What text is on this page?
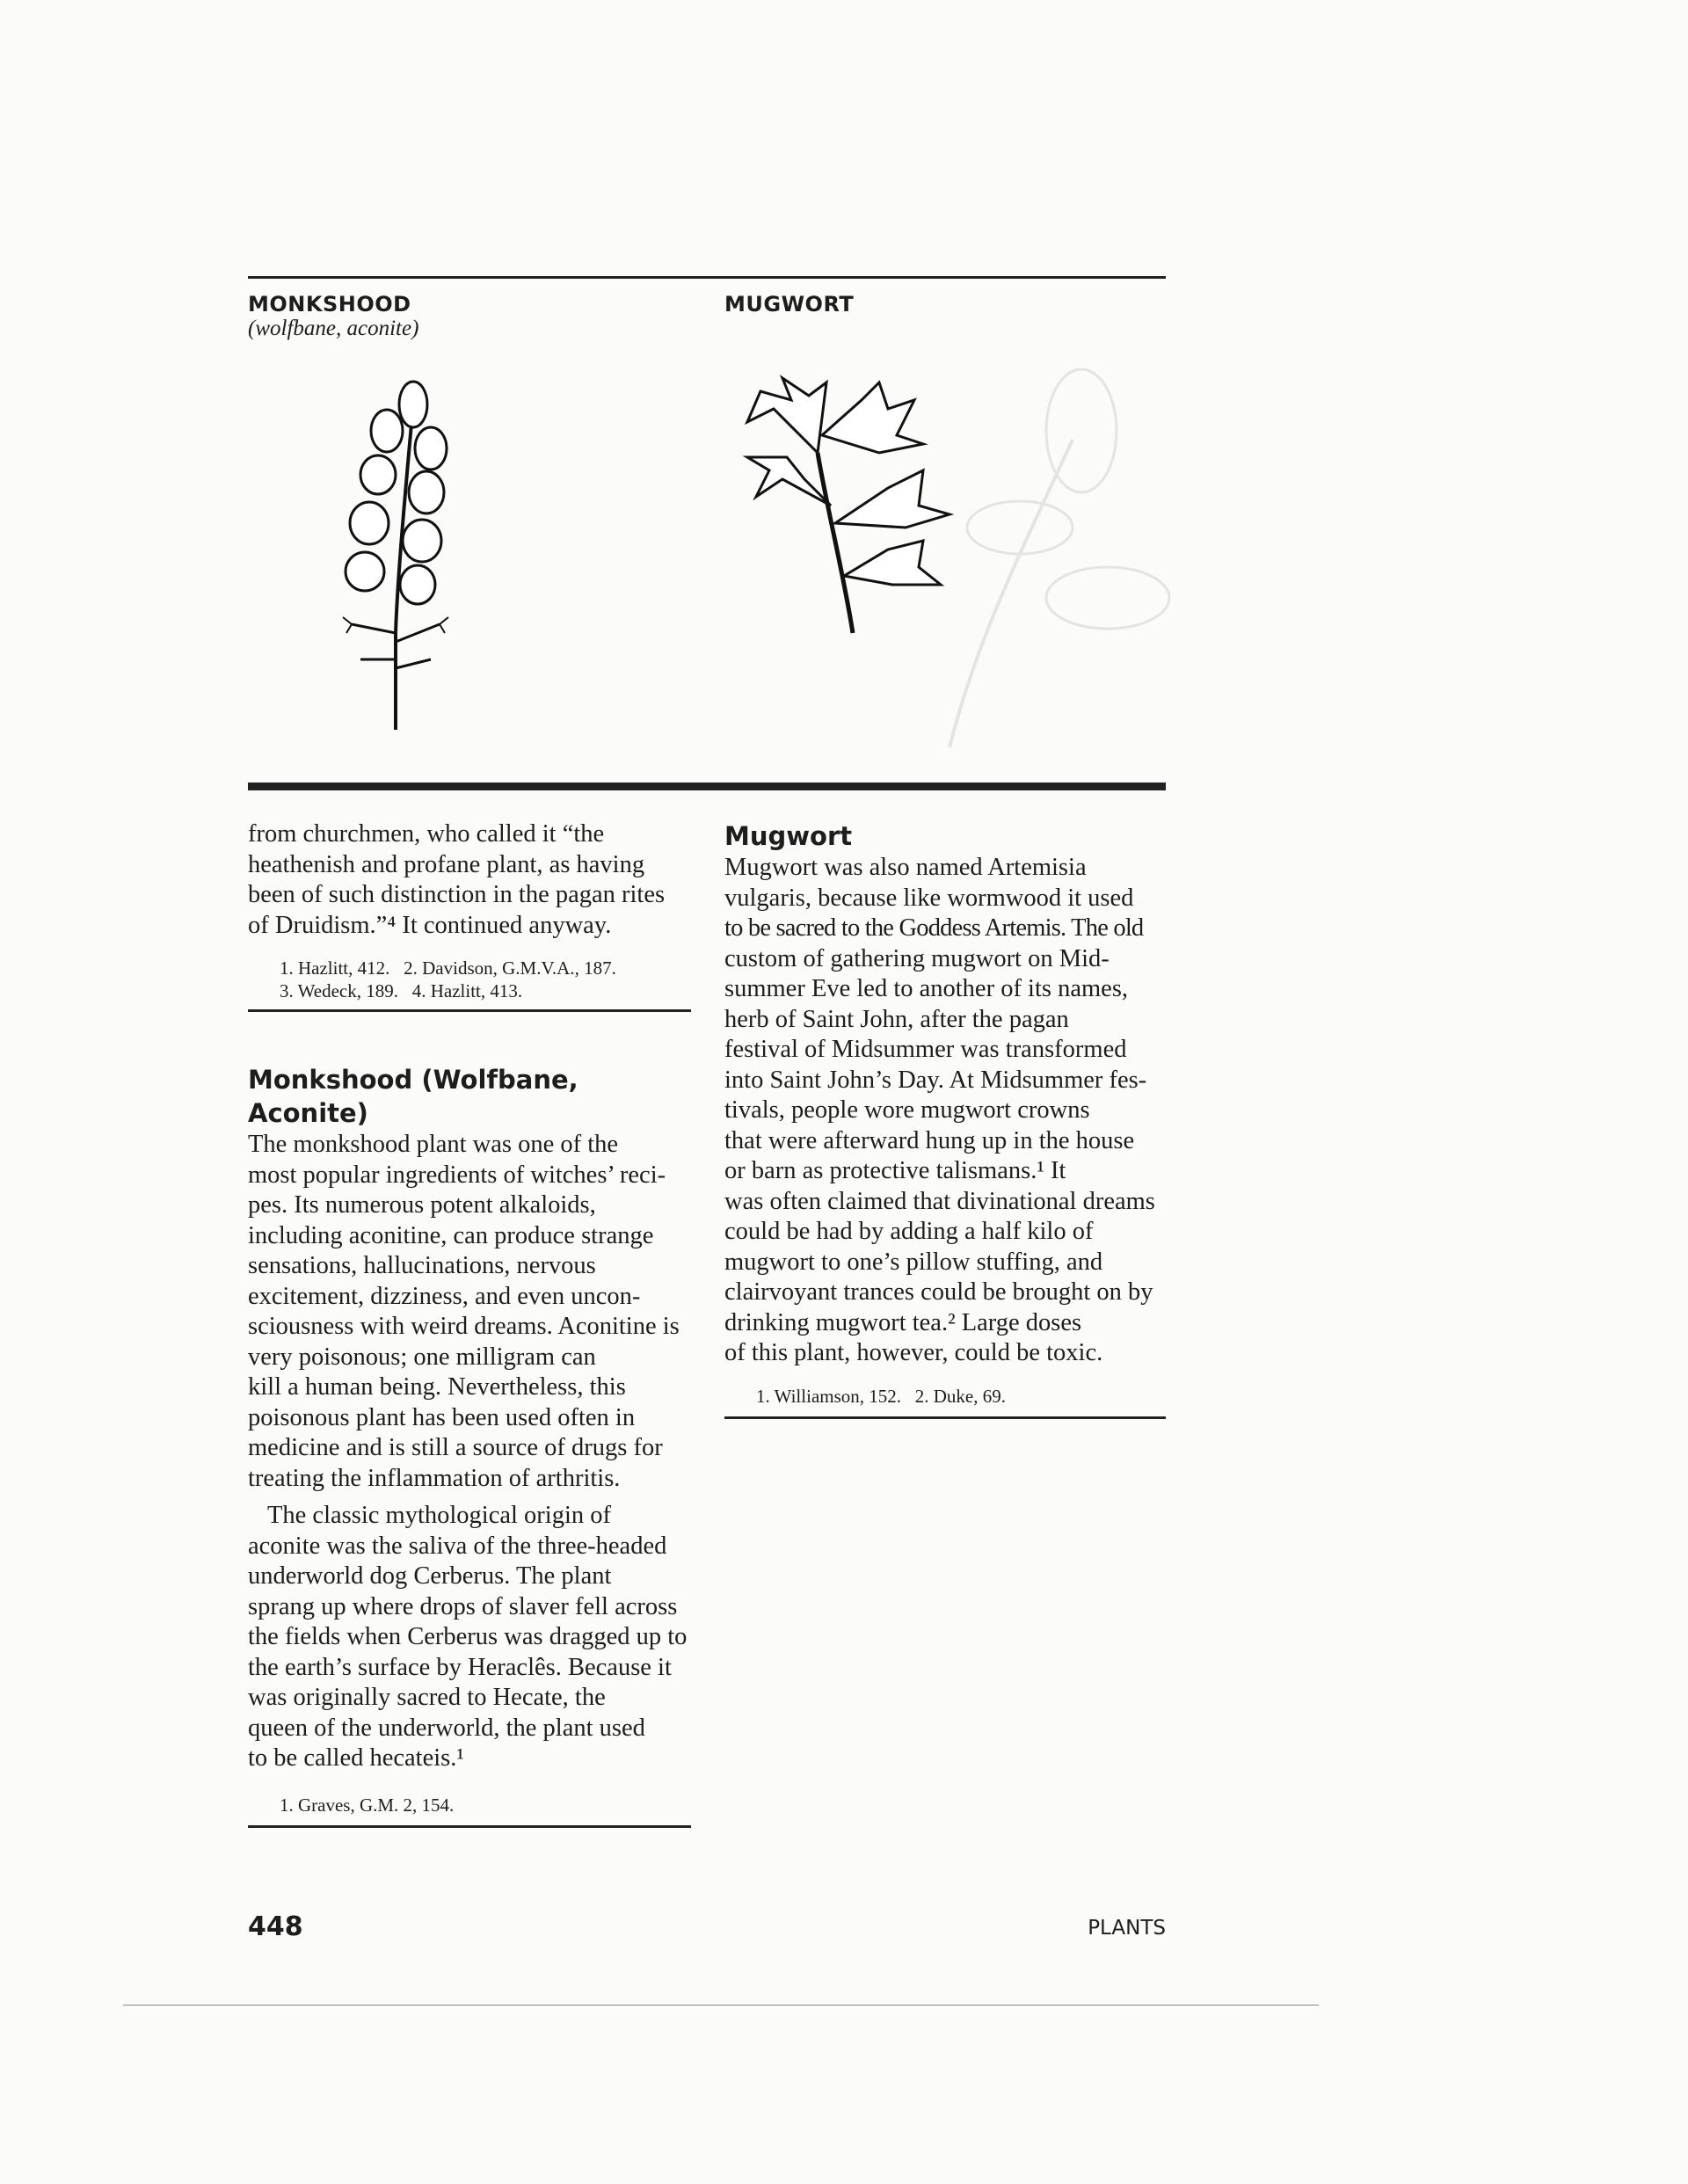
MONKSHOOD
(wolfbane, aconite)
MUGWORT
from churchmen, who called it “the
heathenish and profane plant, as having
been of such distinction in the pagan rites
of Druidism.”⁴ It continued anyway.
1. Hazlitt, 412.   2. Davidson, G.M.V.A., 187.
3. Wedeck, 189.   4. Hazlitt, 413.
Monkshood (Wolfbane, Aconite)
The monkshood plant was one of the
most popular ingredients of witches’ reci-
pes. Its numerous potent alkaloids,
including aconitine, can produce strange
sensations, hallucinations, nervous
excitement, dizziness, and even uncon-
sciousness with weird dreams. Aconitine is
very poisonous; one milligram can
kill a human being. Nevertheless, this
poisonous plant has been used often in
medicine and is still a source of drugs for
treating the inflammation of arthritis.
The classic mythological origin of
aconite was the saliva of the three-headed
underworld dog Cerberus. The plant
sprang up where drops of slaver fell across
the fields when Cerberus was dragged up to
the earth’s surface by Heraclês. Because it
was originally sacred to Hecate, the
queen of the underworld, the plant used
to be called hecateis.¹
1. Graves, G.M. 2, 154.
Mugwort
Mugwort was also named Artemisia
vulgaris, because like wormwood it used
to be sacred to the Goddess Artemis. The old
custom of gathering mugwort on Mid-
summer Eve led to another of its names,
herb of Saint John, after the pagan
festival of Midsummer was transformed
into Saint John’s Day. At Midsummer fes-
tivals, people wore mugwort crowns
that were afterward hung up in the house
or barn as protective talismans.¹ It
was often claimed that divinational dreams
could be had by adding a half kilo of
mugwort to one’s pillow stuffing, and
clairvoyant trances could be brought on by
drinking mugwort tea.² Large doses
of this plant, however, could be toxic.
1. Williamson, 152.   2. Duke, 69.
448	PLANTS
